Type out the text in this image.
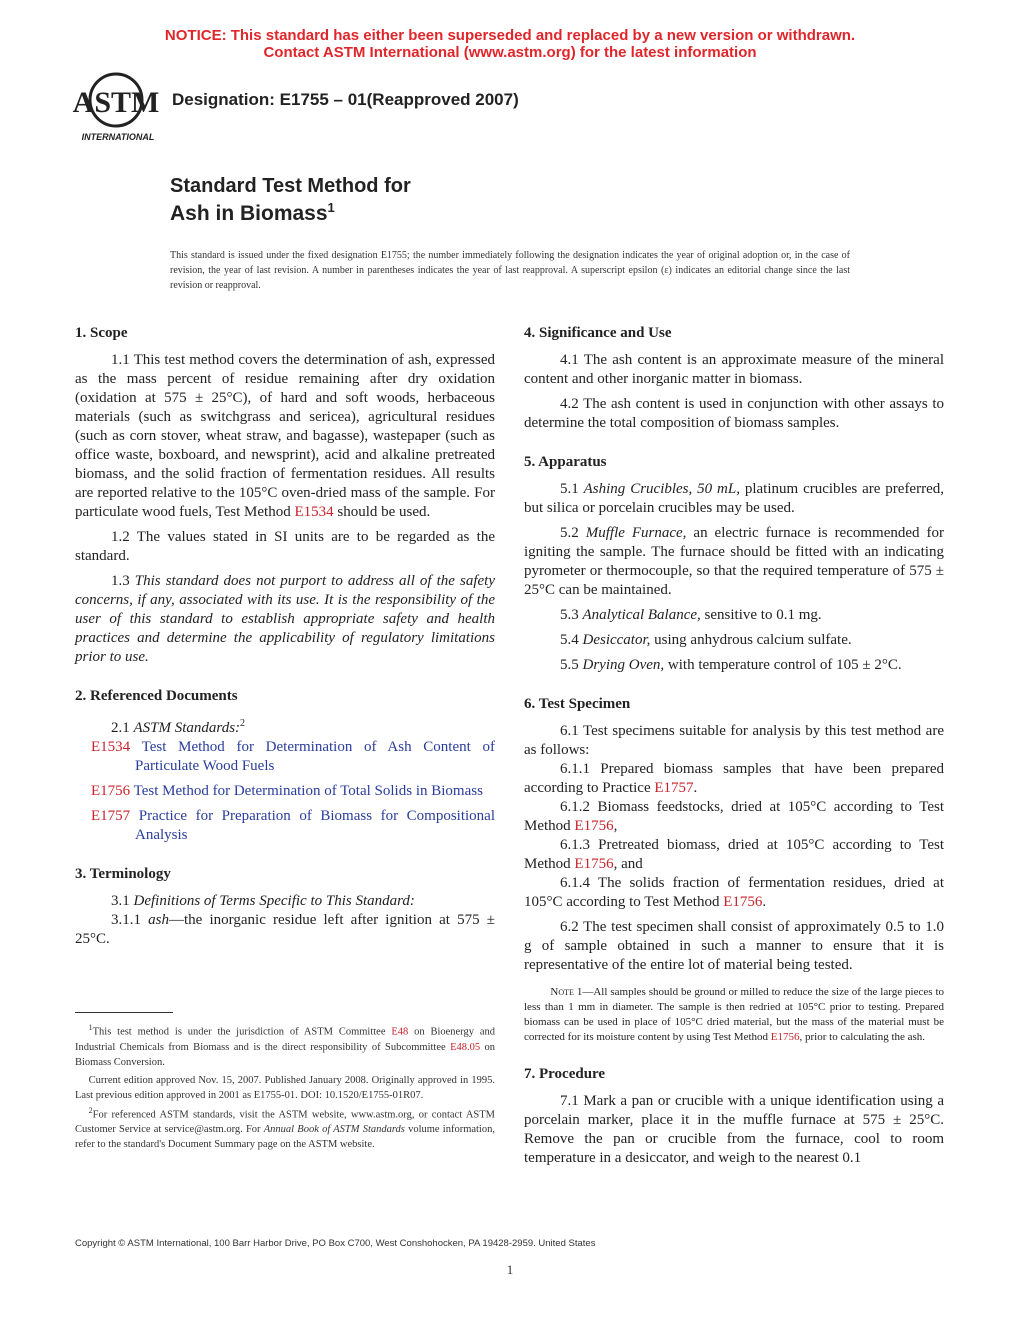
NOTICE: This standard has either been superseded and replaced by a new version or withdrawn.
Contact ASTM International (www.astm.org) for the latest information
ASTM
INTERNATIONAL
Designation: E1755 – 01(Reapproved 2007)
Standard Test Method for
Ash in Biomass$^1$
This standard is issued under the fixed designation E1755; the number immediately following the designation indicates the year of original adoption or, in the case of revision, the year of last revision. A number in parentheses indicates the year of last reapproval. A superscript epsilon (ε) indicates an editorial change since the last revision or reapproval.
1. Scope

1.1 This test method covers the determination of ash, expressed as the mass percent of residue remaining after dry oxidation (oxidation at 575 ± 25°C), of hard and soft woods, herbaceous materials (such as switchgrass and sericea), agricultural residues (such as corn stover, wheat straw, and bagasse), wastepaper (such as office waste, boxboard, and newsprint), acid and alkaline pretreated biomass, and the solid fraction of fermentation residues. All results are reported relative to the 105°C oven-dried mass of the sample. For particulate wood fuels, Test Method E1534 should be used.

1.2 The values stated in SI units are to be regarded as the standard.

1.3 This standard does not purport to address all of the safety concerns, if any, associated with its use. It is the responsibility of the user of this standard to establish appropriate safety and health practices and determine the applicability of regulatory limitations prior to use.

2. Referenced Documents

2.1 ASTM Standards:$^2$

E1534 Test Method for Determination of Ash Content of Particulate Wood Fuels

E1756 Test Method for Determination of Total Solids in Biomass

E1757 Practice for Preparation of Biomass for Compositional Analysis

3. Terminology

3.1 Definitions of Terms Specific to This Standard:

3.1.1 ash—the inorganic residue left after ignition at 575 ± 25°C.

$^1$This test method is under the jurisdiction of ASTM Committee E48 on Bioenergy and Industrial Chemicals from Biomass and is the direct responsibility of Subcommittee E48.05 on Biomass Conversion.

Current edition approved Nov. 15, 2007. Published January 2008. Originally approved in 1995. Last previous edition approved in 2001 as E1755-01. DOI: 10.1520/E1755-01R07.

$^2$For referenced ASTM standards, visit the ASTM website, www.astm.org, or contact ASTM Customer Service at service@astm.org. For Annual Book of ASTM Standards volume information, refer to the standard's Document Summary page on the ASTM website.

4. Significance and Use

4.1 The ash content is an approximate measure of the mineral content and other inorganic matter in biomass.

4.2 The ash content is used in conjunction with other assays to determine the total composition of biomass samples.

5. Apparatus

5.1 Ashing Crucibles, 50 mL, platinum crucibles are preferred, but silica or porcelain crucibles may be used.

5.2 Muffle Furnace, an electric furnace is recommended for igniting the sample. The furnace should be fitted with an indicating pyrometer or thermocouple, so that the required temperature of 575 ± 25°C can be maintained.

5.3 Analytical Balance, sensitive to 0.1 mg.

5.4 Desiccator, using anhydrous calcium sulfate.

5.5 Drying Oven, with temperature control of 105 ± 2°C.

6. Test Specimen

6.1 Test specimens suitable for analysis by this test method are as follows:

6.1.1 Prepared biomass samples that have been prepared according to Practice E1757.

6.1.2 Biomass feedstocks, dried at 105°C according to Test Method E1756,

6.1.3 Pretreated biomass, dried at 105°C according to Test Method E1756, and

6.1.4 The solids fraction of fermentation residues, dried at 105°C according to Test Method E1756.

6.2 The test specimen shall consist of approximately 0.5 to 1.0 g of sample obtained in such a manner to ensure that it is representative of the entire lot of material being tested.

Note 1—All samples should be ground or milled to reduce the size of the large pieces to less than 1 mm in diameter. The sample is then redried at 105°C prior to testing. Prepared biomass can be used in place of 105°C dried material, but the mass of the material must be corrected for its moisture content by using Test Method E1756, prior to calculating the ash.

7. Procedure

7.1 Mark a pan or crucible with a unique identification using a porcelain marker, place it in the muffle furnace at 575 ± 25°C. Remove the pan or crucible from the furnace, cool to room temperature in a desiccator, and weigh to the nearest 0.1

Copyright © ASTM International, 100 Barr Harbor Drive, PO Box C700, West Conshohocken, PA 19428-2959. United States
1
